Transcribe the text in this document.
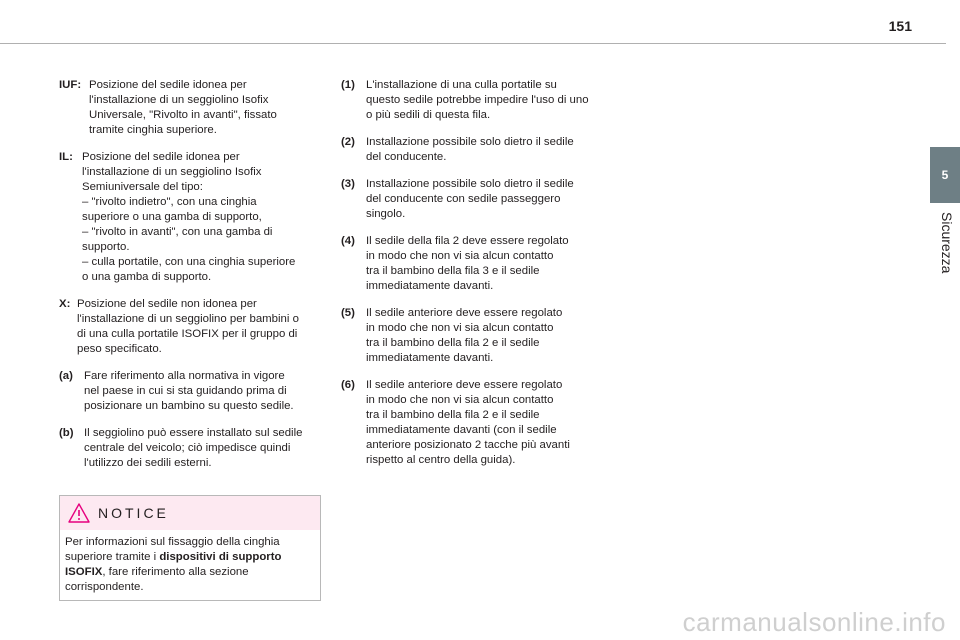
151
5
Sicurezza
IUF: Posizione del sedile idonea per
l'installazione di un seggiolino Isofix
Universale, "Rivolto in avanti", fissato
tramite cinghia superiore.
IL: Posizione del sedile idonea per
l'installazione di un seggiolino Isofix
Semiuniversale del tipo:
– "rivolto indietro", con una cinghia
superiore o una gamba di supporto,
– "rivolto in avanti", con una gamba di
supporto.
– culla portatile, con una cinghia superiore
o una gamba di supporto.
X: Posizione del sedile non idonea per
l'installazione di un seggiolino per bambini o
di una culla portatile ISOFIX per il gruppo di
peso specificato.
(a) Fare riferimento alla normativa in vigore
nel paese in cui si sta guidando prima di
posizionare un bambino su questo sedile.
(b) Il seggiolino può essere installato sul sedile
centrale del veicolo; ciò impedisce quindi
l'utilizzo dei sedili esterni.
NOTICE
Per informazioni sul fissaggio della cinghia superiore tramite i dispositivi di supporto ISOFIX, fare riferimento alla sezione corrispondente.
(1) L'installazione di una culla portatile su
questo sedile potrebbe impedire l'uso di uno
o più sedili di questa fila.
(2) Installazione possibile solo dietro il sedile
del conducente.
(3) Installazione possibile solo dietro il sedile
del conducente con sedile passeggero
singolo.
(4) Il sedile della fila 2 deve essere regolato
in modo che non vi sia alcun contatto
tra il bambino della fila 3 e il sedile
immediatamente davanti.
(5) Il sedile anteriore deve essere regolato
in modo che non vi sia alcun contatto
tra il bambino della fila 2 e il sedile
immediatamente davanti.
(6) Il sedile anteriore deve essere regolato
in modo che non vi sia alcun contatto
tra il bambino della fila 2 e il sedile
immediatamente davanti (con il sedile
anteriore posizionato 2 tacche più avanti
rispetto al centro della guida).
carmanualsonline.info
